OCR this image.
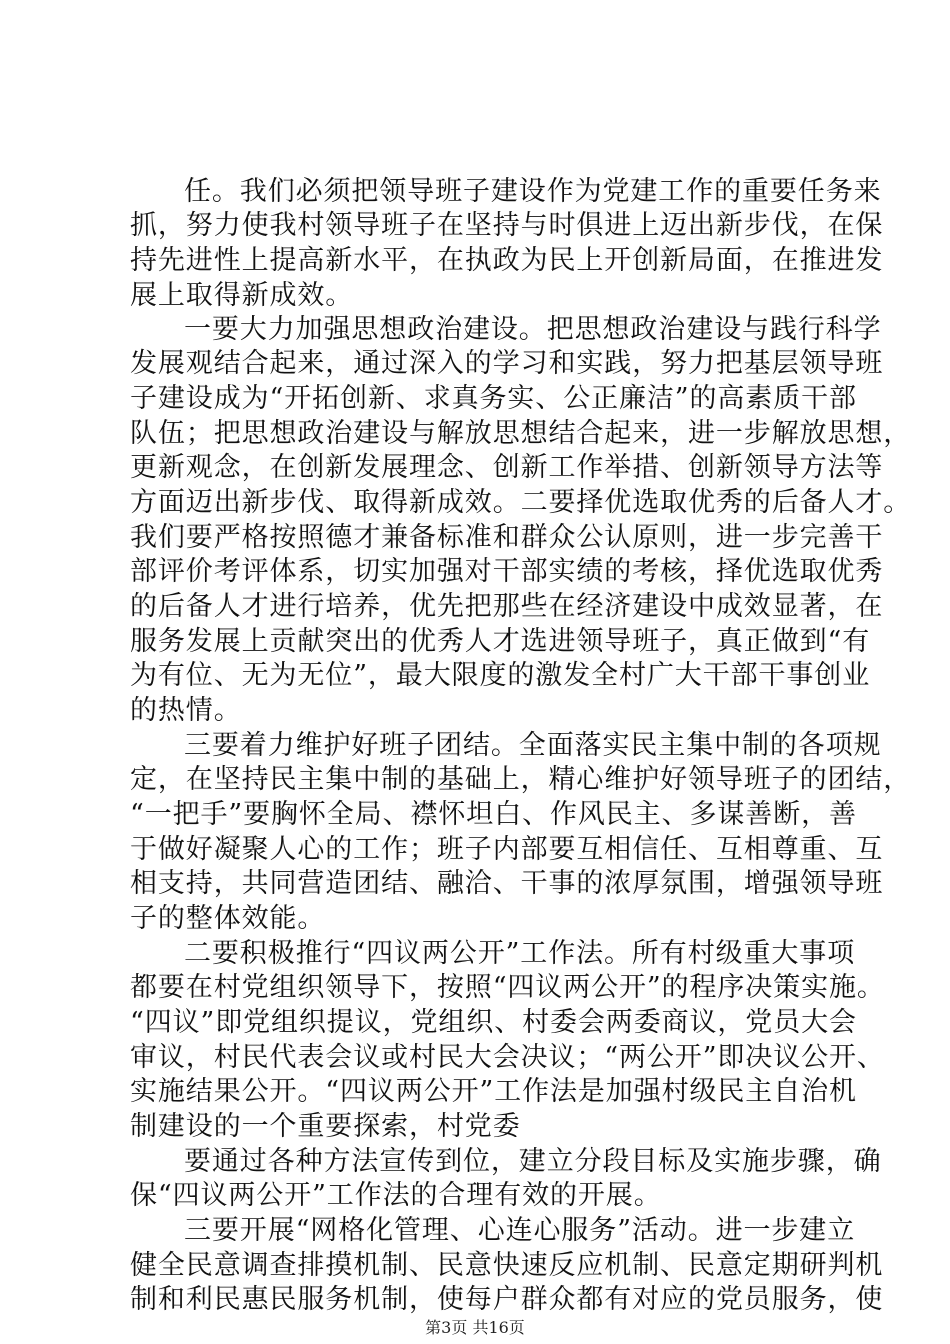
任。我们必须把领导班子建设作为党建工作的重要任务来
抓，努力使我村领导班子在坚持与时俱进上迈出新步伐，在保
持先进性上提高新水平，在执政为民上开创新局面，在推进发
展上取得新成效。
一要大力加强思想政治建设。把思想政治建设与践行科学
发展观结合起来，通过深入的学习和实践，努力把基层领导班
子建设成为“开拓创新、求真务实、公正廉洁”的高素质干部
队伍；把思想政治建设与解放思想结合起来，进一步解放思想，
更新观念，在创新发展理念、创新工作举措、创新领导方法等
方面迈出新步伐、取得新成效。二要择优选取优秀的后备人才。
我们要严格按照德才兼备标准和群众公认原则，进一步完善干
部评价考评体系，切实加强对干部实绩的考核，择优选取优秀
的后备人才进行培养，优先把那些在经济建设中成效显著，在
服务发展上贡献突出的优秀人才选进领导班子，真正做到“有
为有位、无为无位”，最大限度的激发全村广大干部干事创业
的热情。
三要着力维护好班子团结。全面落实民主集中制的各项规
定，在坚持民主集中制的基础上，精心维护好领导班子的团结，
“一把手”要胸怀全局、襟怀坦白、作风民主、多谋善断，善
于做好凝聚人心的工作；班子内部要互相信任、互相尊重、互
相支持，共同营造团结、融洽、干事的浓厚氛围，增强领导班
子的整体效能。
二要积极推行“四议两公开”工作法。所有村级重大事项
都要在村党组织领导下，按照“四议两公开”的程序决策实施。
“四议”即党组织提议，党组织、村委会两委商议，党员大会
审议，村民代表会议或村民大会决议；“两公开”即决议公开、
实施结果公开。“四议两公开”工作法是加强村级民主自治机
制建设的一个重要探索，村党委
要通过各种方法宣传到位，建立分段目标及实施步骤，确
保“四议两公开”工作法的合理有效的开展。
三要开展“网格化管理、心连心服务”活动。进一步建立
健全民意调查排摸机制、民意快速反应机制、民意定期研判机
制和利民惠民服务机制，使每户群众都有对应的党员服务，使
第3页 共16页
